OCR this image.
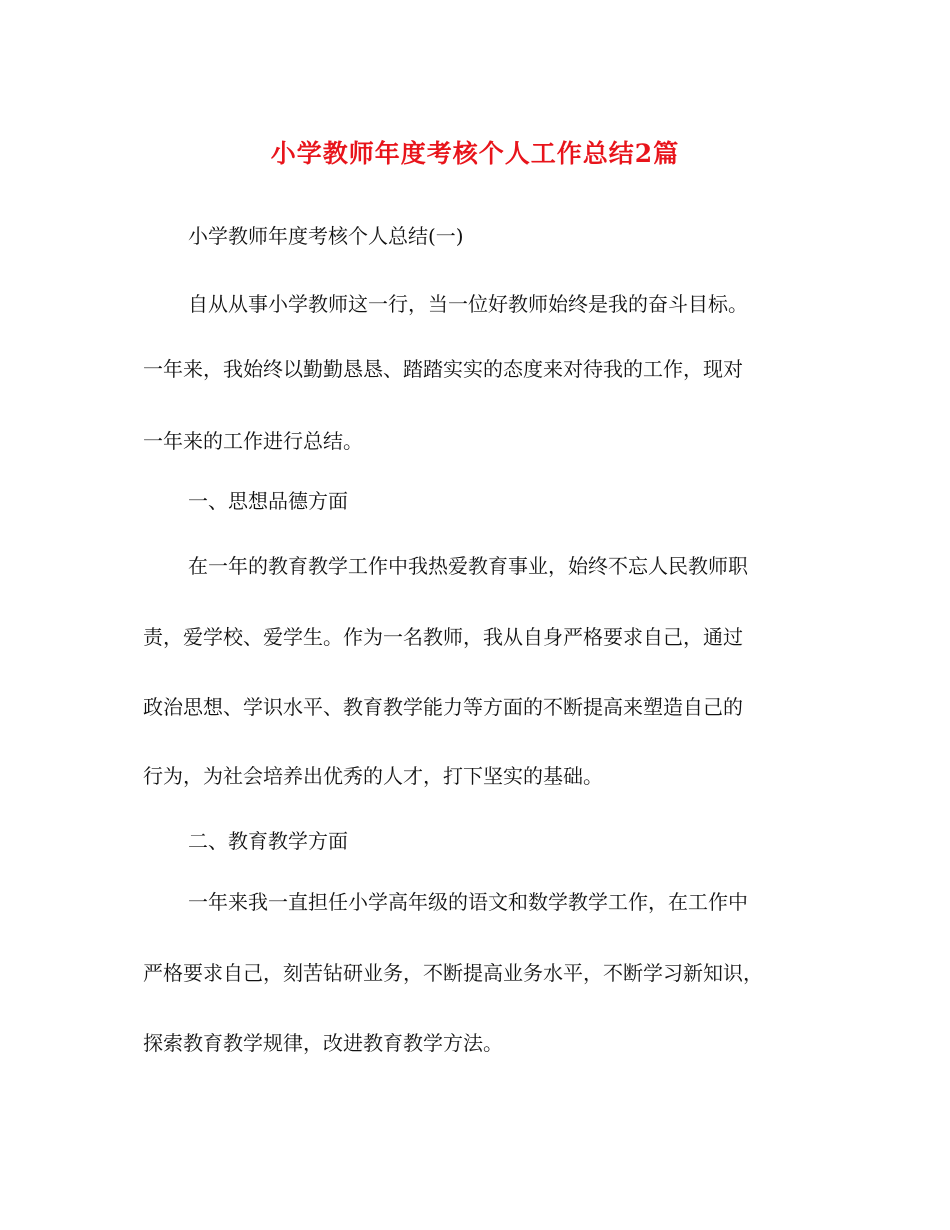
小学教师年度考核个人工作总结2篇

小学教师年度考核个人总结(一)

自从从事小学教师这一行，当一位好教师始终是我的奋斗目标。

一年来，我始终以勤勤恳恳、踏踏实实的态度来对待我的工作，现对

一年来的工作进行总结。

一、思想品德方面

在一年的教育教学工作中我热爱教育事业，始终不忘人民教师职

责，爱学校、爱学生。作为一名教师，我从自身严格要求自己，通过

政治思想、学识水平、教育教学能力等方面的不断提高来塑造自己的

行为，为社会培养出优秀的人才，打下坚实的基础。

二、教育教学方面

一年来我一直担任小学高年级的语文和数学教学工作，在工作中

严格要求自己，刻苦钻研业务，不断提高业务水平，不断学习新知识，

探索教育教学规律，改进教育教学方法。
